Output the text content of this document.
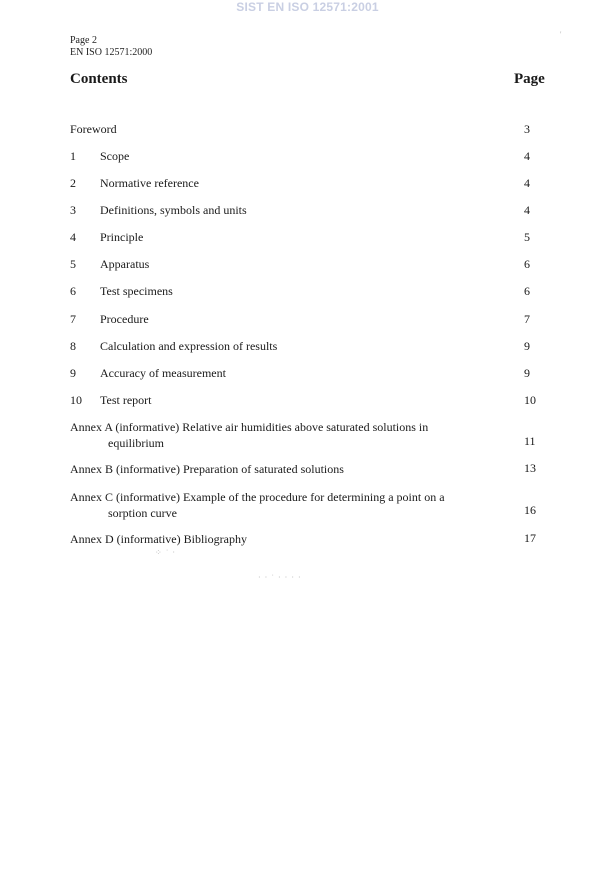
SIST EN ISO 12571:2001
Page 2
EN ISO 12571:2000
Contents	Page
Foreword	3
1 Scope	4
2 Normative reference	4
3 Definitions, symbols and units	4
4 Principle	5
5 Apparatus	6
6 Test specimens	6
7 Procedure	7
8 Calculation and expression of results	9
9 Accuracy of measurement	9
10 Test report	10
Annex A (informative) Relative air humidities above saturated solutions in
equilibrium	11
Annex B (informative) Preparation of saturated solutions	13
Annex C (informative) Example of the procedure for determining a point on a
sorption curve	16
Annex D (informative) Bibliography	17
⁘ ˙ ·
· · ˙ · · · ·
'
